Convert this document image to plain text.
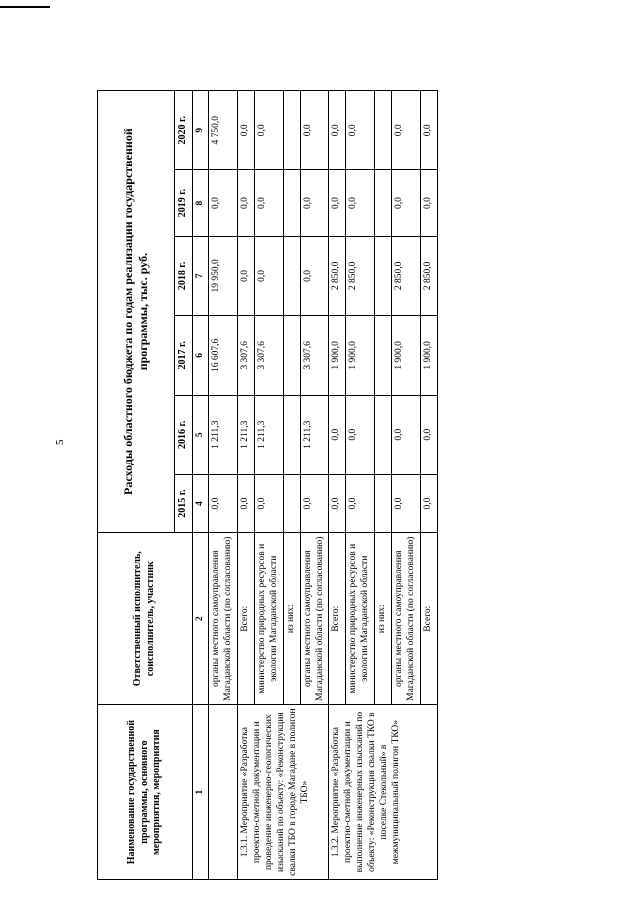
5
Наименование государственной программы, основного мероприятия, мероприятия	Ответственный исполнитель, соисполнитель, участник	Расходы областного бюджета по годам реализации государственной программы, тыс. руб.					
		2015 г.	2016 г.	2017 г.	2018 г.	2019 г.	2020 г.

1	2	4	5	6	7	8	9
	органы местного самоуправления Магаданской области (по согласованию)	0,0	1 211,3	16 607,6	19 950,0	0,0	4 750,0
1.3.1. Мероприятие «Разработка проектно-сметной документации и проведение инженерно-геологических изысканий по объекту: «Реконструкция свалки ТБО в городе Магадане в полигон ТБО»	Всего:	0,0	1 211,3	3 307,6	0,0	0,0	0,0
	министерство природных ресурсов и экологии Магаданской области	0,0	1 211,3	3 307,6	0,0	0,0	0,0
	из них:						
	органы местного самоуправления Магаданской области (по согласованию)	0,0	1 211,3	3 307,6	0,0	0,0	0,0
1.3.2. Мероприятие «Разработка проектно-сметной документации и выполнение инженерных изысканий по объекту: «Реконструкция свалки ТКО в поселке Стекольный» в межмуниципальный полигон ТКО»	Всего:	0,0	0,0	1 900,0	2 850,0	0,0	0,0
	министерство природных ресурсов и экологии Магаданской области	0,0	0,0	1 900,0	2 850,0	0,0	0,0
	из них:						
	органы местного самоуправления Магаданской области (по согласованию)	0,0	0,0	1 900,0	2 850,0	0,0	0,0
	Всего:	0,0	0,0	1 900,0	2 850,0	0,0	0,0
